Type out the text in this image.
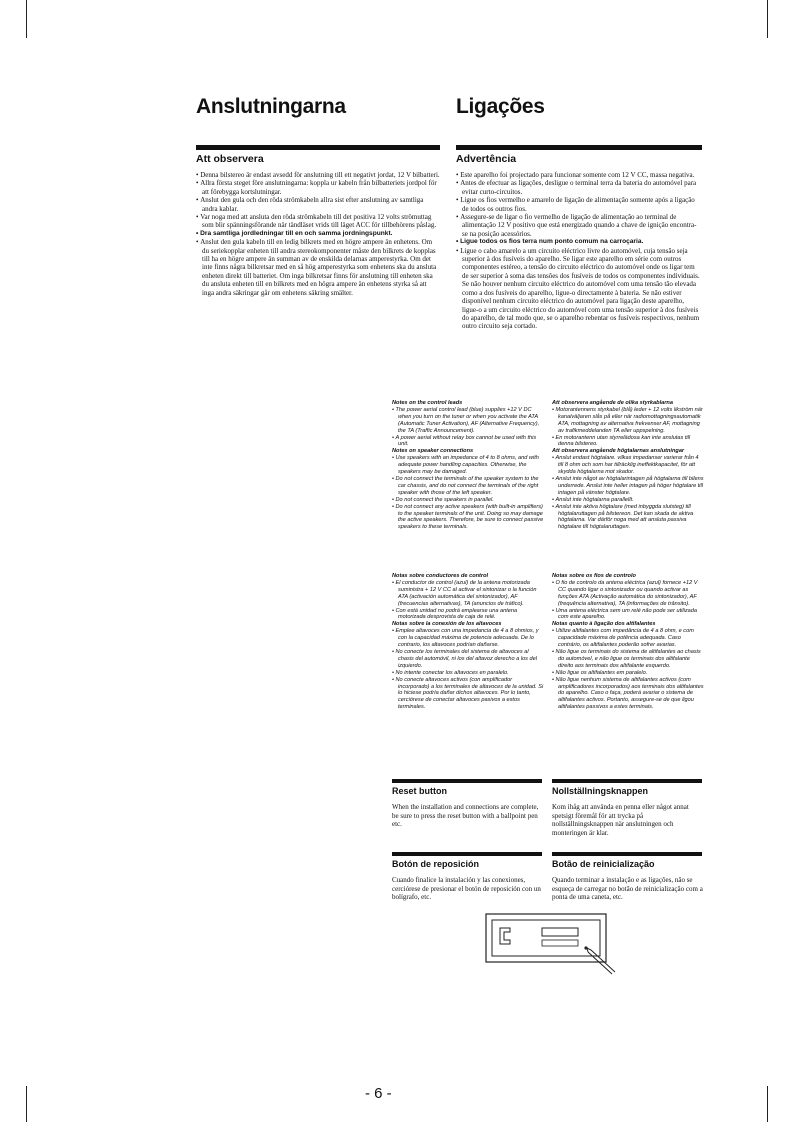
Anslutningarna	Ligações
Att observera	Advertência

• Denna bilstereo är endast avsedd för anslutning till ett negativt jordat, 12 V bilbatteri.

• Allra första steget före anslutningarna: koppla ur kabeln från bilbatteriets jordpol för att förebygga kortslutningar.

• Anslut den gula och den röda strömkabeln allra sist efter anslutning av samtliga andra kablar.

• Var noga med att ansluta den röda strömkabeln till det positiva 12 volts strömuttag som blir spänningsförande när tändläset vrids till läget ACC för tillbehörens påslag.

• Dra samtliga jordledningar till en och samma jordningspunkt.

• Anslut den gula kabeln till en ledig bilkrets med en högre ampere än enhetens. Om du seriekopplar enheten till andra stereokomponenter måste den bilkrets de kopplas till ha en högre ampere än summan av de enskilda delarnas amperestyrka. Om det inte finns några bilkretsar med en så hög amperestyrka som enhetens ska du ansluta enheten direkt till batteriet. Om inga bilkretsar finns för anslutning till enheten ska du ansluta enheten till en bilkrets med en högra ampere än enhetens styrka så att inga andra säkringar går om enhetens säkring smälter.

• Este aparelho foi projectado para funcionar somente com 12 V CC, massa negativa.

• Antes de efectuar as ligações, desligue o terminal terra da bateria do automóvel para evitar curto-circuitos.

• Ligue os fios vermelho e amarelo de ligação de alimentação somente após a ligação de todos os outros fios.

• Assegure-se de ligar o fio vermelho de ligação de alimentação ao terminal de alimentação 12 V positivo que está energizado quando a chave de ignição encontra-se na posição acessórios.

• Ligue todos os fios terra num ponto comum na carroçaria.

• Ligue o cabo amarelo a um circuito eléctrico livre do automóvel, cuja tensão seja superior à dos fusíveis do aparelho. Se ligar este aparelho em série com outros componentes estéreo, a tensão do circuito eléctrico do automóvel onde os ligar tem de ser superior à soma das tensões dos fusíveis de todos os componentes individuais. Se não houver nenhum circuito eléctrico do automóvel com uma tensão tão elevada como a dos fusíveis do aparelho, ligue-o directamente à bateria. Se não estiver disponível nenhum circuito eléctrico do automóvel para ligação deste aparelho, ligue-o a um circuito eléctrico do automóvel com uma tensão superior à dos fusíveis do aparelho, de tal modo que, se o aparelho rebentar os fusíveis respectivos, nenhum outro circuito seja cortado.

Notes on the control leads

• The power aerial control lead (blue) supplies +12 V DC when you turn on the tuner or when you activate the ATA (Automatic Tuner Activation), AF (Alternative Frequency), the TA (Traffic Announcement).

• A power aerial without relay box cannot be used with this unit.

Notes on speaker connections

• Use speakers with an impedance of 4 to 8 ohms, and with adequate power handling capacities. Otherwise, the speakers may be damaged.

• Do not connect the terminals of the speaker system to the car chassis, and do not connect the terminals of the right speaker with those of the left speaker.

• Do not connect the speakers in parallel.

• Do not connect any active speakers (with built-in amplifiers) to the speaker terminals of the unit. Doing so may damage the active speakers. Therefore, be sure to connect passive speakers to these terminals.

Att observera angående de olika styrkablarna

• Motorantennens styrkabel (blå) leder + 12 volts likström när kanalväljaren slås på eller när radiomottagningsautomatik ATA, mottagning av alternativa frekvenser AF, mottagning av trafikmeddelanden TA eller uppspelning.

• En motorantenn utan styrrelädosa kan inte anslutas till denna bilstereo.

Att observera angående högtalarnas anslutningar

• Anslut endast högtalare. vilkas impedanser varierar från 4 till 8 ohm och som har tillräcklig ineffektkapacitet, för att skydda högtalarna mot skador.

• Anslut inte något av högtalarintagen på högtalarna till bilens underrede. Anslut inte heller intagen på höger högtalare till intagen på vänster högtalare.

• Anslut inte högtalarna parallellt.

• Anslut inte aktiva högtalare (med inbyggda slutsteg) till högtalaruttagen på bilstereon. Det kan skada de aktiva högtalarna. Var därför noga med att ansluta passiva högtalare till högtalaruttagen.

Notas sobre conductores de control

• El conductor de control (azul) de la antena motorizada suministra + 12 V CC al activar el sintonizar o la función ATA (activación automática del sintonizador), AF (frecuencias alternativas), TA (anuncios de tráfico).

• Con está unidad no podrá emplearse una antena motorizada desprovista de caja de relé.

Notas sobre la conexión de los altavoces

• Emplee altavoces con una impedancia de 4 a 8 ohmios, y con la capacidad máxima de potencia adecuada. De lo contrario, los altavoces podrían dañarse.

• No conecte los terminales del sistema de altavoces al chasis del automóvil, ni los del altavoz derecho a los del izquierdo.

• No intente conectar los altavoces en paralelo.

• No conecte altavoces activos (con amplificador incorporado) a los terminales de altavoces de la unidad. Si lo hiciese podría dañar dichos altavoces. Por lo tanto, cerciórese de conectar altavoces pasivos a estos terminales.

Notas sobre os fios de controlo

• O fio de controlo da antena eléctrica (azul) fornece +12 V CC quando ligar o sintonizador ou quando activar as funções ATA (Activação automática do sintonizador), AF (frequência alternativa), TA (informações de trânsito).

• Uma antena eléctrica sem um relé não pode ser utilizada com este aparelho.

Notas quanto à ligação dos altifalantes

• Utilize altifalantes com impedância de 4 a 8 ohm, e com capacidade máxima de potência adequada. Caso contrário, os altifalantes poderão sofrer avarias.

• Não ligue os terminais do sistema de altifalantes ao chasis do automóvel, e não ligue os terminais dos altifalante direito aos terminais dos altifalante esquerdo.

• Não ligue os altifalantes em paralelo.

• Não ligue nenhum sistema de altifalantes activos (com amplificadores incorporados) aos terminais dos altifalantes do aparelho. Caso o faça, poderá avariar o sistema de altifalantes activos. Portanto, assegure-se de que ligou altifalantes passivos a estes terminais.

Reset button
When the installation and connections are complete, be sure to press the reset button with a ballpoint pen etc.
Nollställningsknappen
Kom ihåg att använda en penna eller något annat spetsigt föremål för att trycka på nollställningsknappen när anslutningen och monteringen är klar.
Botón de reposición
Cuando finalice la instalación y las conexiones, cerciórese de presionar el botón de reposición con un bolígrafo, etc.
Botão de reinicialização
Quando terminar a instalação e as ligações, não se esqueça de carregar no botão de reinicialização com a ponta de uma caneta, etc.
- 6 -
